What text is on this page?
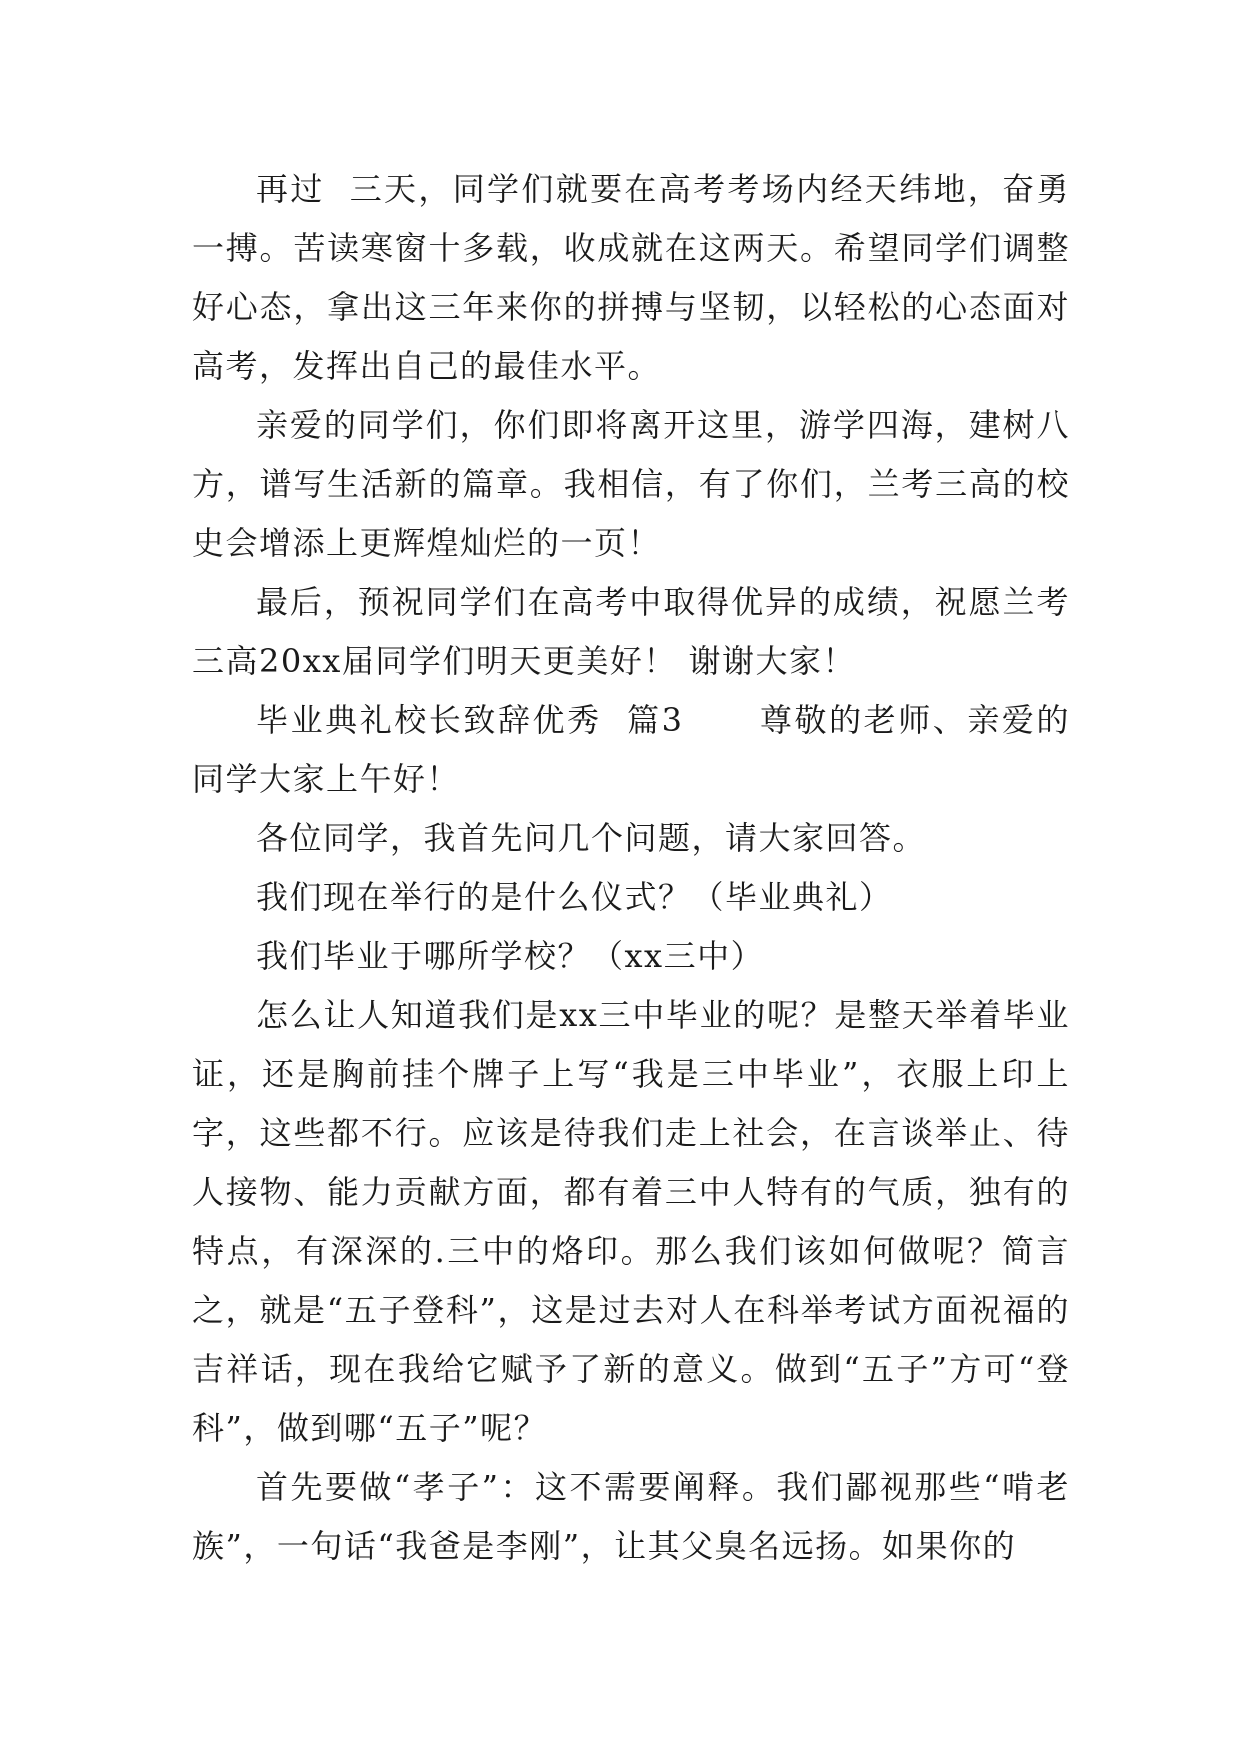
再过  三天，同学们就要在高考考场内经天纬地，奋勇一搏。苦读寒窗十多载，收成就在这两天。希望同学们调整好心态，拿出这三年来你的拼搏与坚韧，以轻松的心态面对高考，发挥出自己的最佳水平。

亲爱的同学们，你们即将离开这里，游学四海，建树八方，谱写生活新的篇章。我相信，有了你们，兰考三高的校史会增添上更辉煌灿烂的一页！

最后，预祝同学们在高考中取得优异的成绩，祝愿兰考三高20xx届同学们明天更美好！ 谢谢大家！

毕业典礼校长致辞优秀  篇3      尊敬的老师、亲爱的同学大家上午好！

各位同学，我首先问几个问题，请大家回答。

我们现在举行的是什么仪式？（毕业典礼）

我们毕业于哪所学校？（xx三中）

怎么让人知道我们是xx三中毕业的呢？是整天举着毕业证，还是胸前挂个牌子上写“我是三中毕业”，衣服上印上字，这些都不行。应该是待我们走上社会，在言谈举止、待人接物、能力贡献方面，都有着三中人特有的气质，独有的特点，有深深的.三中的烙印。那么我们该如何做呢？简言之，就是“五子登科”，这是过去对人在科举考试方面祝福的吉祥话，现在我给它赋予了新的意义。做到“五子”方可“登科”，做到哪“五子”呢？

首先要做“孝子”：这不需要阐释。我们鄙视那些“啃老族”，一句话“我爸是李刚”，让其父臭名远扬。如果你的
